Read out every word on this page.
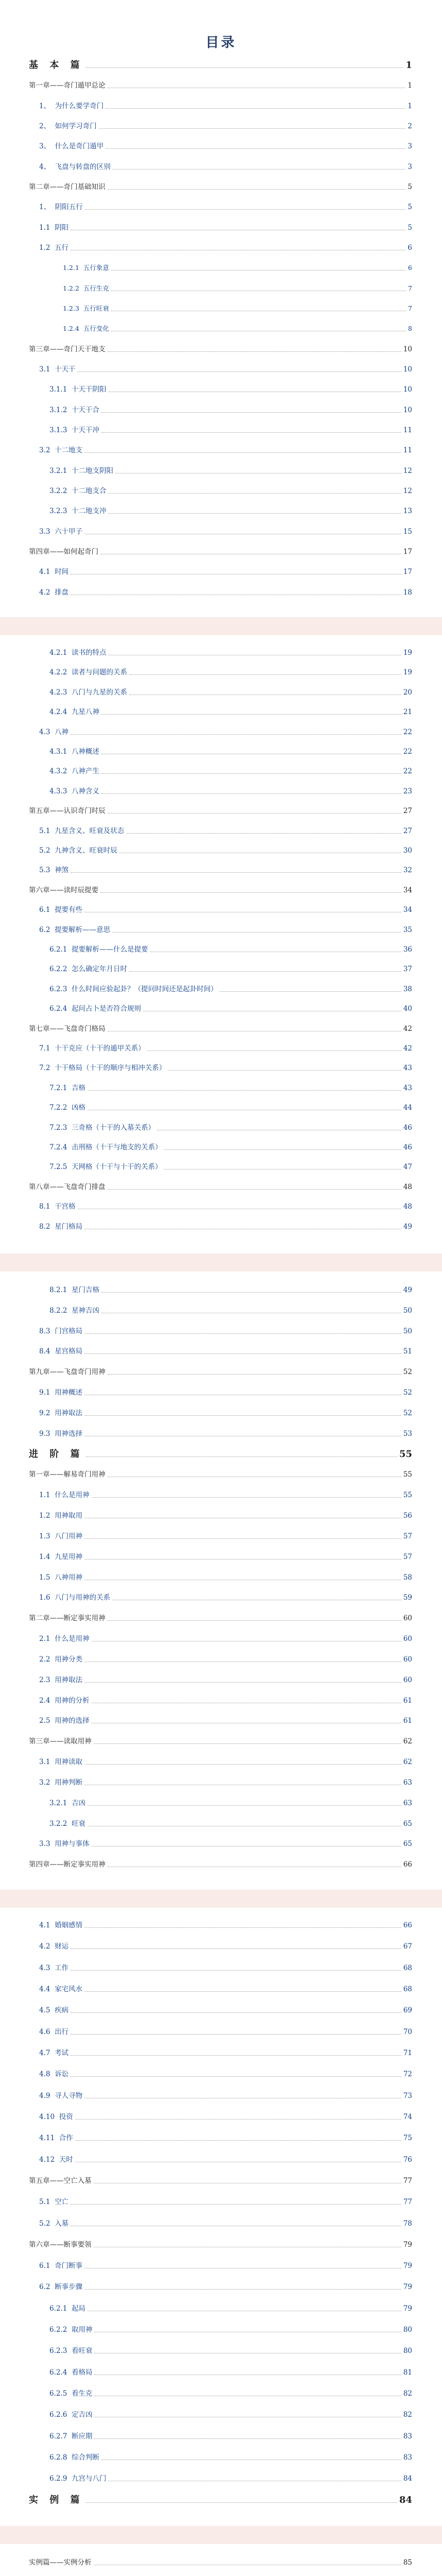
目录
基 本 篇	1
第一章——奇门遁甲总论	1
1、 为什么要学奇门	1
2、 如何学习奇门	2
3、 什么是奇门遁甲	3
4、 飞盘与转盘的区别	3
第二章——奇门基础知识	5
1、 阴阳五行	5
1.1 阴阳	5
1.2 五行	6
1.2.1 五行象意	6
1.2.2 五行生克	7
1.2.3 五行旺衰	7
1.2.4 五行变化	8
第三章——奇门天干地支	10
3.1 十天干	10
3.1.1 十天干阴阳	10
3.1.2 十天干合	10
3.1.3 十天干冲	11
3.2 十二地支	11
3.2.1 十二地支阴阳	12
3.2.2 十二地支合	12
3.2.3 十二地支冲	13
3.3 六十甲子	15
第四章——如何起奇门	17
4.1 时间	17
4.2 排盘	18
4.2.1 读书的特点	19
4.2.2 读者与问题的关系	19
4.2.3 八门与九星的关系	20
4.2.4 九星八神	21
4.3 八神	22
4.3.1 八神概述	22
4.3.2 八神产生	22
4.3.3 八神含义	23
第五章——认识奇门时辰	27
5.1 九星含义、旺衰及状态	27
5.2 九神含义、旺衰时辰	30
5.3 神煞	32
第六章——读时辰提要	34
6.1 提要有些	34
6.2 提要解析——意思	35
6.2.1 提要解析——什么是提要	36
6.2.2 怎么确定年月日时	37
6.2.3 什么时间应验起卦？（提问时间还是起卦时间）	38
6.2.4 起问占卜是否符合规则	40
第七章——飞盘奇门格局	42
7.1 十干克应（十干的遁甲关系）	42
7.2 十干格局（十干的顺序与相冲关系）	43
7.2.1 吉格	43
7.2.2 凶格	44
7.2.3 三奇格（十干的入墓关系）	46
7.2.4 击刑格（十干与地支的关系）	46
7.2.5 天网格（十干与十干的关系）	47
第八章——飞盘奇门排盘	48
8.1 干宫格	48
8.2 星门格局	49
8.2.1 星门吉格	49
8.2.2 星神吉凶	50
8.3 门宫格局	50
8.4 星宫格局	51
第九章——飞盘奇门用神	52
9.1 用神概述	52
9.2 用神取法	52
9.3 用神选择	53
进 阶 篇	55
第一章——解易奇门用神	55
1.1 什么是用神	55
1.2 用神取用	56
1.3 八门用神	57
1.4 九星用神	57
1.5 八神用神	58
1.6 八门与用神的关系	59
第二章——断定事实用神	60
2.1 什么是用神	60
2.2 用神分类	60
2.3 用神取法	60
2.4 用神的分析	61
2.5 用神的选择	61
第三章——读取用神	62
3.1 用神读取	62
3.2 用神判断	63
3.2.1 吉凶	63
3.2.2 旺衰	65
3.3 用神与事体	65
第四章——断定事实用神	66
4.1 婚姻感情	66
4.2 财运	67
4.3 工作	68
4.4 家宅风水	68
4.5 疾病	69
4.6 出行	70
4.7 考试	71
4.8 诉讼	72
4.9 寻人寻物	73
4.10 投资	74
4.11 合作	75
4.12 天时	76
第五章——空亡入墓	77
5.1 空亡	77
5.2 入墓	78
第六章——断事要领	79
6.1 奇门断事	79
6.2 断事步骤	79
6.2.1 起局	79
6.2.2 取用神	80
6.2.3 看旺衰	80
6.2.4 看格局	81
6.2.5 看生克	82
6.2.6 定吉凶	82
6.2.7 断应期	83
6.2.8 综合判断	83
6.2.9 九宫与八门	84
实 例 篇	84
实例篇——实例分析	85
